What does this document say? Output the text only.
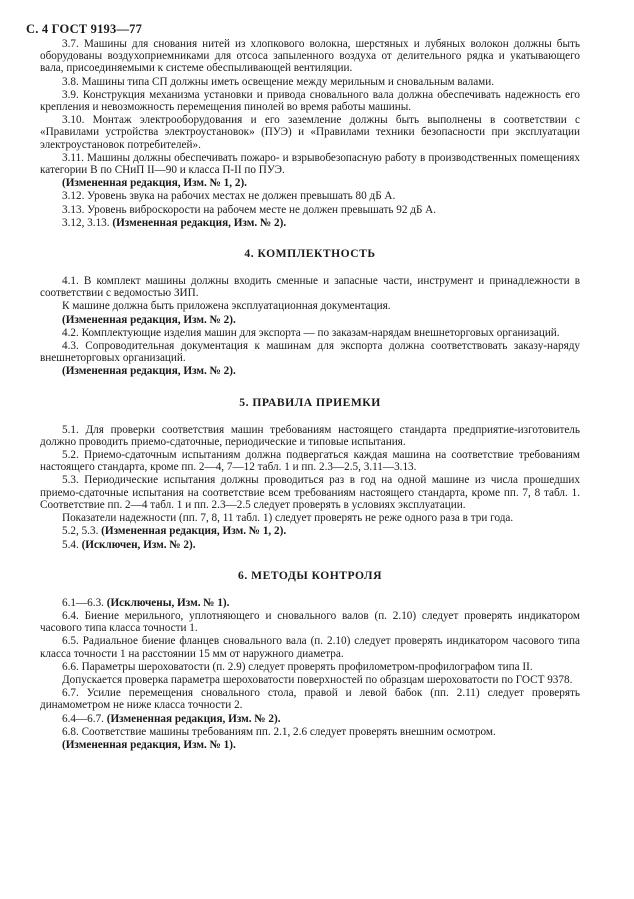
С. 4 ГОСТ 9193—77

3.7. Машины для снования нитей из хлопкового волокна, шерстяных и лубяных волокон должны быть оборудованы воздухоприемниками для отсоса запыленного воздуха от делительного рядка и укатывающего вала, присоединяемыми к системе обеспыливающей вентиляции.

3.8. Машины типа СП должны иметь освещение между мерильным и сновальным валами.

3.9. Конструкция механизма установки и привода сновального вала должна обеспечивать надежность его крепления и невозможность перемещения пинолей во время работы машины.

3.10. Монтаж электрооборудования и его заземление должны быть выполнены в соответствии с «Правилами устройства электроустановок» (ПУЭ) и «Правилами техники безопасности при эксплуатации электроустановок потребителей».

3.11. Машины должны обеспечивать пожаро- и взрывобезопасную работу в производственных помещениях категории В по СНиП II—90 и класса П-II по ПУЭ.

(Измененная редакция, Изм. № 1, 2).

3.12. Уровень звука на рабочих местах не должен превышать 80 дБ А.

3.13. Уровень виброскорости на рабочем месте не должен превышать 92 дБ А.

3.12, 3.13. (Измененная редакция, Изм. № 2).

4. КОМПЛЕКТНОСТЬ

4.1. В комплект машины должны входить сменные и запасные части, инструмент и принадлежности в соответствии с ведомостью ЗИП.

К машине должна быть приложена эксплуатационная документация.

(Измененная редакция, Изм. № 2).

4.2. Комплектующие изделия машин для экспорта — по заказам-нарядам внешнеторговых организаций.

4.3. Сопроводительная документация к машинам для экспорта должна соответствовать заказу-наряду внешнеторговых организаций.

(Измененная редакция, Изм. № 2).

5. ПРАВИЛА ПРИЕМКИ

5.1. Для проверки соответствия машин требованиям настоящего стандарта предприятие-изготовитель должно проводить приемо-сдаточные, периодические и типовые испытания.

5.2. Приемо-сдаточным испытаниям должна подвергаться каждая машина на соответствие требованиям настоящего стандарта, кроме пп. 2—4, 7—12 табл. 1 и пп. 2.3—2.5, 3.11—3.13.

5.3. Периодические испытания должны проводиться раз в год на одной машине из числа прошедших приемо-сдаточные испытания на соответствие всем требованиям настоящего стандарта, кроме пп. 7, 8 табл. 1. Соответствие пп. 2—4 табл. 1 и пп. 2.3—2.5 следует проверять в условиях эксплуатации.

Показатели надежности (пп. 7, 8, 11 табл. 1) следует проверять не реже одного раза в три года.

5.2, 5.3. (Измененная редакция, Изм. № 1, 2).

5.4. (Исключен, Изм. № 2).

6. МЕТОДЫ КОНТРОЛЯ

6.1—6.3. (Исключены, Изм. № 1).

6.4. Биение мерильного, уплотняющего и сновального валов (п. 2.10) следует проверять индикатором часового типа класса точности 1.

6.5. Радиальное биение фланцев сновального вала (п. 2.10) следует проверять индикатором часового типа класса точности 1 на расстоянии 15 мм от наружного диаметра.

6.6. Параметры шероховатости (п. 2.9) следует проверять профилометром-профилографом типа II.

Допускается проверка параметра шероховатости поверхностей по образцам шероховатости по ГОСТ 9378.

6.7. Усилие перемещения сновального стола, правой и левой бабок (пп. 2.11) следует проверять динамометром не ниже класса точности 2.

6.4—6.7. (Измененная редакция, Изм. № 2).

6.8. Соответствие машины требованиям пп. 2.1, 2.6 следует проверять внешним осмотром.

(Измененная редакция, Изм. № 1).
